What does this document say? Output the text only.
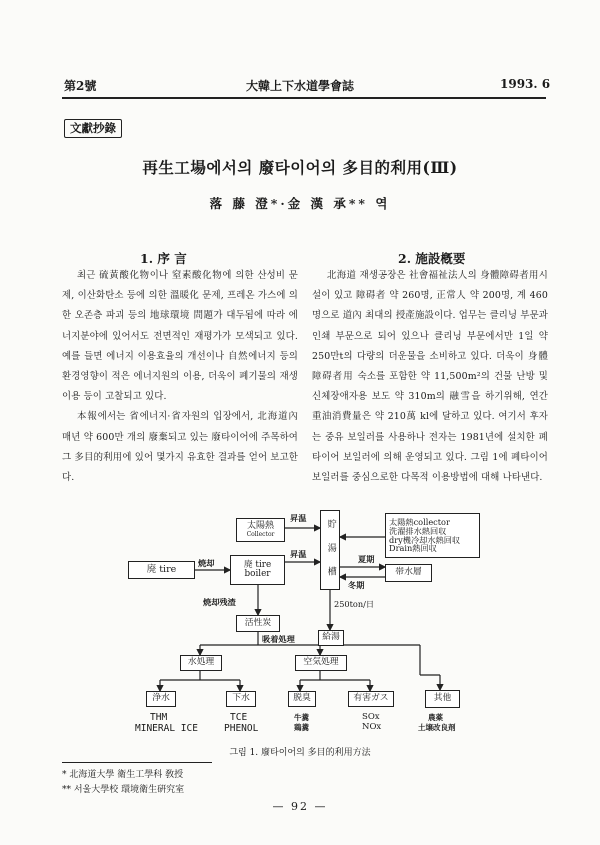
第2號	大韓上下水道學會誌	1993. 6
文獻抄錄
再生工場에서의 廢타이어의 多目的利用(Ⅲ)
落 藤 澄*·金 漢 承** 역
1. 序 言

최근 硫黃酸化物이나 窒素酸化物에 의한 산성비 문제, 이산화탄소 등에 의한 溫暖化 문제, 프레온 가스에 의한 오존층 파괴 등의 地球環境 問題가 대두됨에 따라 에너지분야에 있어서도 전면적인 재평가가 모색되고 있다. 예를 들면 에너지 이용효율의 개선이나 自然에너지 등의 환경영향이 적은 에너지원의 이용, 더욱이 폐기물의 재생이용 등이 고찰되고 있다.

本報에서는 省에너지·省자원의 입장에서, 北海道內 매년 약 600만 개의 廢棄되고 있는 廢타이어에 주목하여 그 多目的利用에 있어 몇가지 유효한 결과를 얻어 보고한다.

2. 施設槪要

北海道 재생공장은 社會福祉法人의 身體障碍者用시설이 있고 障碍者 약 260명, 正常人 약 200명, 계 460명으로 道內 최대의 授產施設이다. 업무는 클리닝 부문과 인쇄 부문으로 되어 있으나 클리닝 부문에서만 1일 약 250만t의 다량의 더운물을 소비하고 있다. 더욱이 身體障碍者用 숙소를 포함한 약 11,500m²의 건물 난방 및 신체장애자용 보도 약 310m의 融雪을 하기위해, 연간 重油消費量은 약 210萬 kl에 달하고 있다. 여기서 후자는 중유 보일러를 사용하나 전자는 1981년에 설치한 폐타이어 보일러에 의해 운영되고 있다. 그림 1에 폐타이어 보일러를 중심으로한 다목적 이용방법에 대해 나타낸다.

廃 tire	廃 tire boiler
太陽熱
Collector	貯 湯 槽	太陽熱collector
洗濯排水熱回収
dry機冷却水熱回収
Drain熱回収
帯水層
給湯
活性炭
水処理	空気処理
浄水	下水	脱臭	有害ガス	其他
昇温
昇温
焼却
焼却残渣
夏期
冬期
250ton/日
吸着処理
THM
MINERAL ICE
TCE
PHENOL
牛糞
鶏糞
SOx
NOx
農薬
土壌改良剤
그림 1. 廢타이어의 多目的利用方法
* 北海道大學 衛生工學科 敎授
** 서울大學校 環境衛生硏究室
— 92 —
